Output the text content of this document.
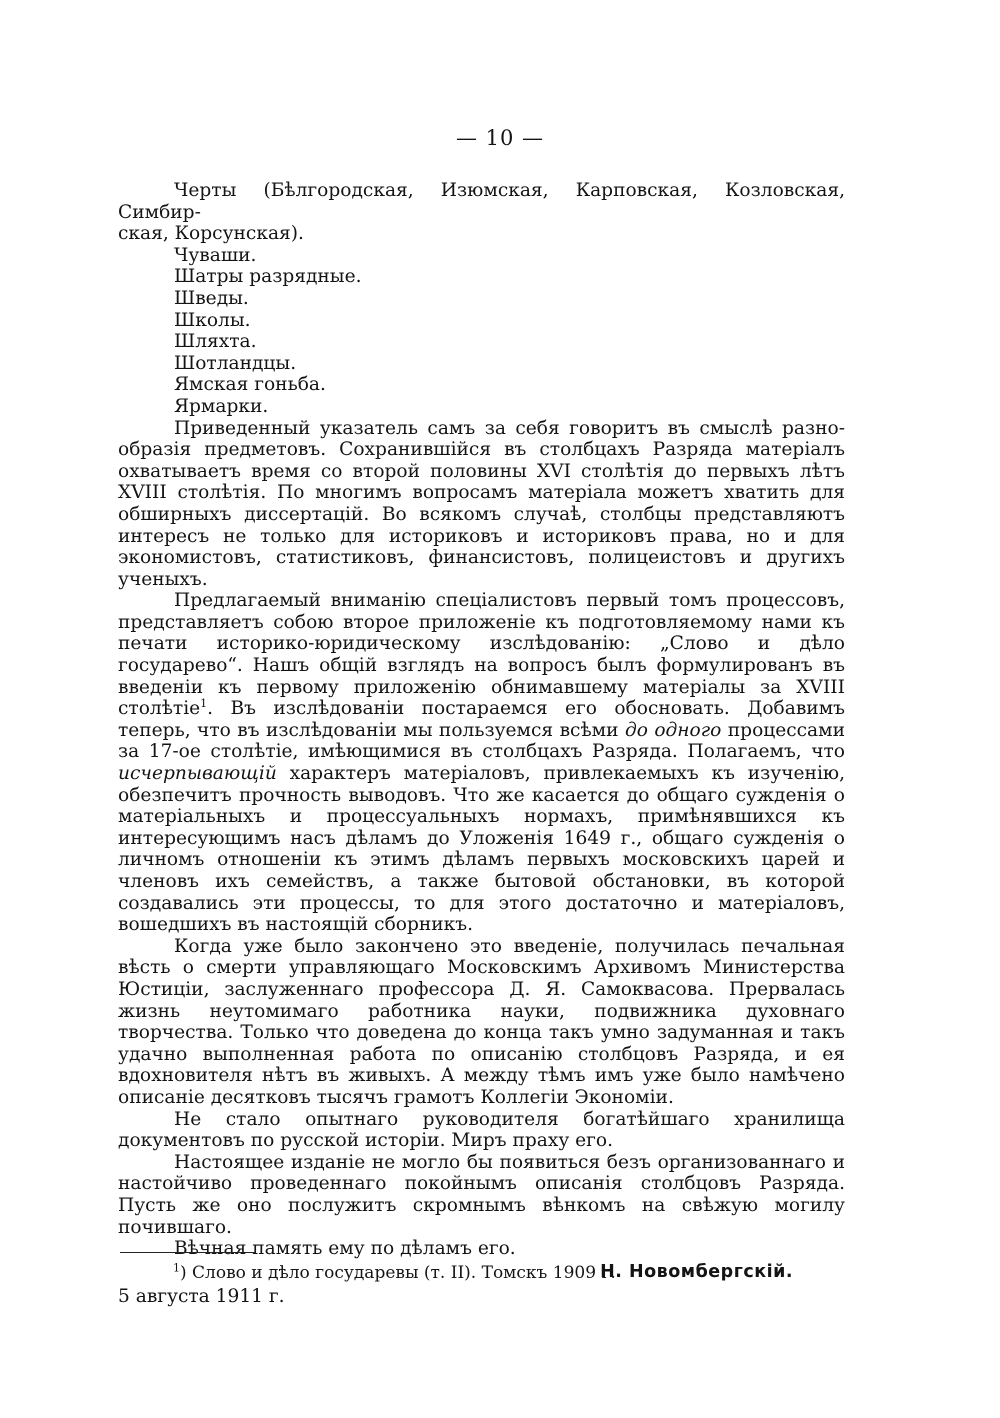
— 10 —

Черты (Бѣлгородская, Изюмская, Карповская, Козловская, Симбир-

ская, Корсунская).

Чуваши.

Шатры разрядные.

Шведы.

Школы.

Шляхта.

Шотландцы.

Ямская гоньба.

Ярмарки.

Приведенный указатель самъ за себя говоритъ въ смыслѣ разно-образія предметовъ. Сохранившійся въ столбцахъ Разряда матеріалъ охватываетъ время со второй половины XVI столѣтія до первыхъ лѣтъ XVIII столѣтія. По многимъ вопросамъ матеріала можетъ хватить для обширныхъ диссертацій. Во всякомъ случаѣ, столбцы представляютъ интересъ не только для историковъ и историковъ права, но и для экономистовъ, статистиковъ, финансистовъ, полицеистовъ и другихъ ученыхъ.

Предлагаемый вниманію спеціалистовъ первый томъ процессовъ, представляетъ собою второе приложеніе къ подготовляемому нами къ печати историко-юридическому изслѣдованію: „Слово и дѣло государево“. Нашъ общій взглядъ на вопросъ былъ формулированъ въ введеніи къ первому приложенію обнимавшему матеріалы за XVIII столѣтіе$^1$. Въ изслѣдованіи постараемся его обосновать. Добавимъ теперь, что въ изслѣдованіи мы пользуемся всѣми до одного процессами за 17-ое столѣтіе, имѣющимися въ столбцахъ Разряда. Полагаемъ, что исчерпывающій характеръ матеріаловъ, привлекаемыхъ къ изученію, обезпечитъ прочность выводовъ. Что же касается до общаго сужденія о матеріальныхъ и процессуальныхъ нормахъ, примѣнявшихся къ интересующимъ насъ дѣламъ до Уложенія 1649 г., общаго сужденія о личномъ отношеніи къ этимъ дѣламъ первыхъ московскихъ царей и членовъ ихъ семействъ, а также бытовой обстановки, въ которой создавались эти процессы, то для этого достаточно и матеріаловъ, вошедшихъ въ настоящій сборникъ.

Когда уже было закончено это введеніе, получилась печальная вѣсть о смерти управляющаго Московскимъ Архивомъ Министерства Юстиціи, заслуженнаго профессора Д. Я. Самоквасова. Прервалась жизнь неутомимаго работника науки, подвижника духовнаго творчества. Только что доведена до конца такъ умно задуманная и такъ удачно выполненная работа по описанію столбцовъ Разряда, и ея вдохновителя нѣтъ въ живыхъ. А между тѣмъ имъ уже было намѣчено описаніе десятковъ тысячъ грамотъ Коллегіи Экономіи.

Не стало опытнаго руководителя богатѣйшаго хранилища документовъ по русской исторіи. Миръ праху его.

Настоящее изданіе не могло бы появиться безъ организованнаго и настойчиво проведеннаго покойнымъ описанія столбцовъ Разряда. Пусть же оно послужитъ скромнымъ вѣнкомъ на свѣжую могилу почившаго.

Вѣчная память ему по дѣламъ его.

Н. Новомбергскій.
5 августа 1911 г.
$^1$) Слово и дѣло государевы (т. II). Томскъ 1909 г.
